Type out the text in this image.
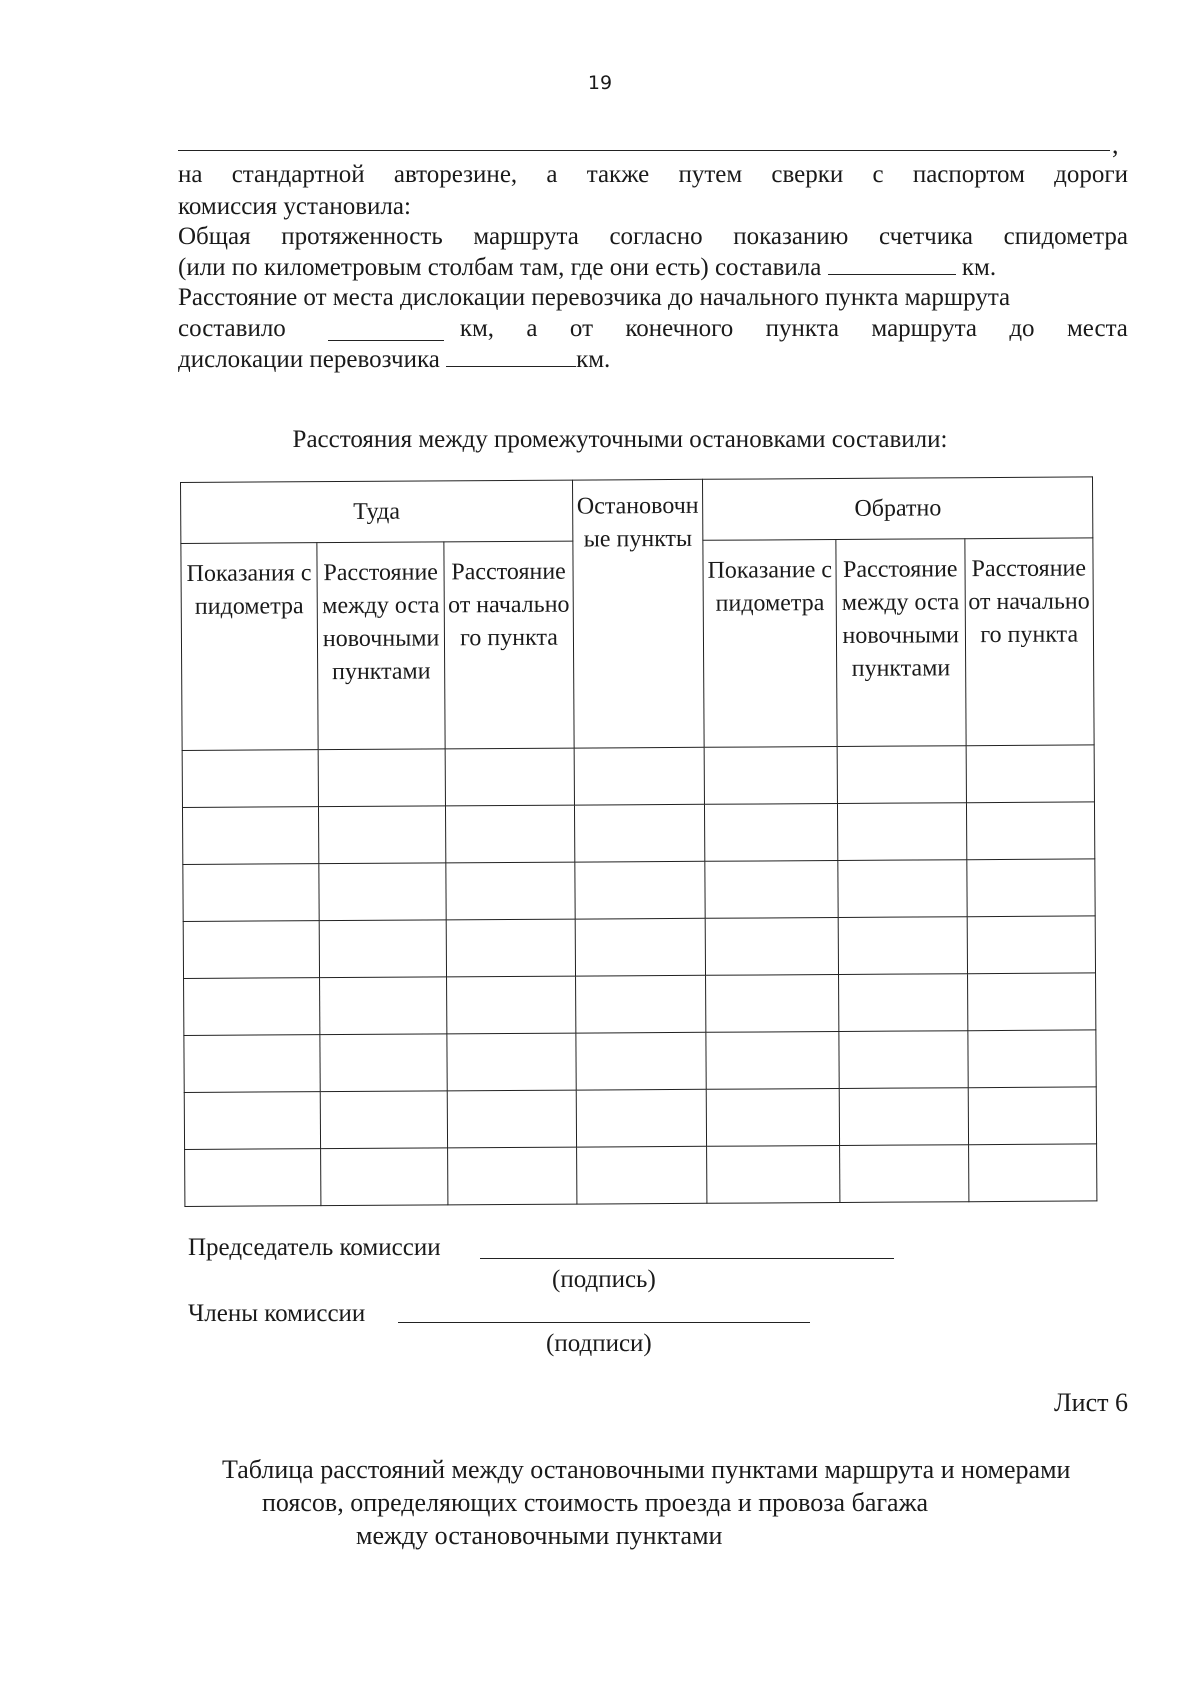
19
,
на стандартной авторезине, а также путем сверки с паспортом дороги
комиссия установила:
Общая протяженность маршрута согласно показанию счетчика спидометра
(или по километровым столбам там, где они есть) составила	км.
Расстояние от места дислокации перевозчика до начального пункта маршрута
составило	км, а от конечного пункта маршрута до места
дислокации перевозчика	км.
Расстояния между промежуточными остановками составили:
Туда			Остановочные пункты	Обратно		
Показания спидометра	Расстояние между остановочными пунктами	Расстояние от начального пункта		Показание спидометра	Расстояние между остановочными пунктами	Расстояние от начального пункта

Председатель комиссии
(подпись)
Члены комиссии
(подписи)
Лист 6
Таблица расстояний между остановочными пунктами маршрута и номерами
поясов, определяющих стоимость проезда и провоза багажа
между остановочными пунктами
